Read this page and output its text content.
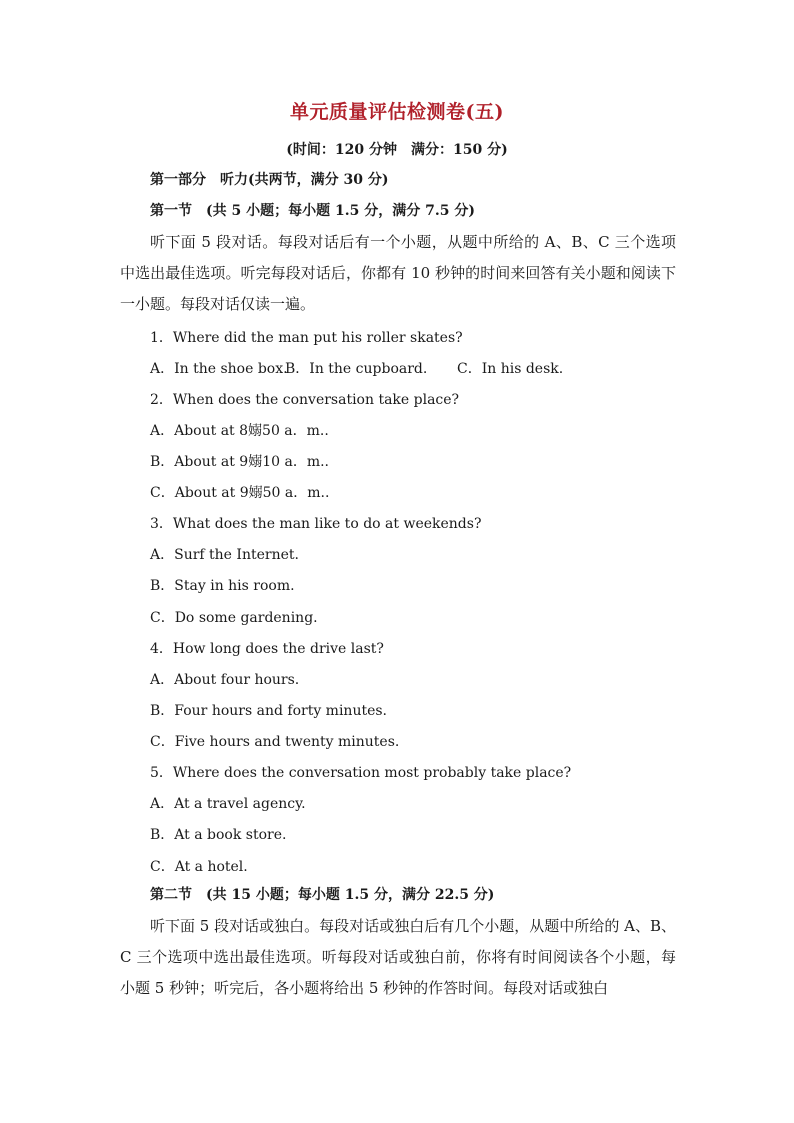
单元质量评估检测卷(五)
(时间：120 分钟　满分：150 分)
第一部分　听力(共两节，满分 30 分)
第一节　(共 5 小题；每小题 1.5 分，满分 7.5 分)

听下面 5 段对话。每段对话后有一个小题，从题中所给的 A、B、C 三个选项中选出最佳选项。听完每段对话后，你都有 10 秒钟的时间来回答有关小题和阅读下一小题。每段对话仅读一遍。

1．Where did the man put his roller skates?
A．In the shoe box.B．In the cupboard. C．In his desk.
2．When does the conversation take place?
A．About at 8嫋50 a．m..
B．About at 9嫋10 a．m..
C．About at 9嫋50 a．m..
3．What does the man like to do at weekends?
A．Surf the Internet.
B．Stay in his room.
C．Do some gardening.
4．How long does the drive last?
A．About four hours.
B．Four hours and forty minutes.
C．Five hours and twenty minutes.
5．Where does the conversation most probably take place?
A．At a travel agency.
B．At a book store.
C．At a hotel.
第二节　(共 15 小题；每小题 1.5 分，满分 22.5 分)

听下面 5 段对话或独白。每段对话或独白后有几个小题，从题中所给的 A、B、C 三个选项中选出最佳选项。听每段对话或独白前，你将有时间阅读各个小题，每小题 5 秒钟；听完后，各小题将给出 5 秒钟的作答时间。每段对话或独白
